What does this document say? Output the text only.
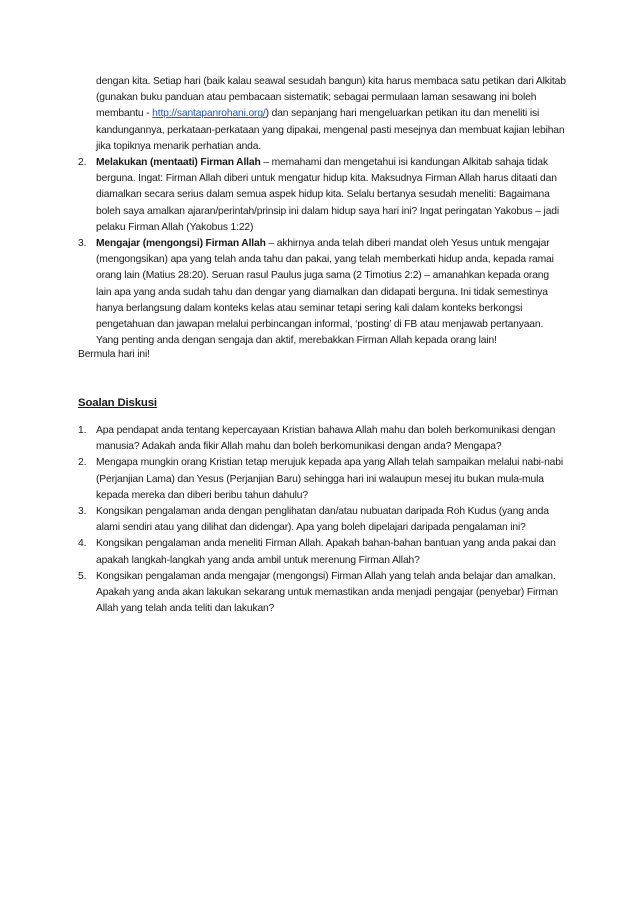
dengan kita. Setiap hari (baik kalau seawal sesudah bangun) kita harus membaca satu petikan dari Alkitab (gunakan buku panduan atau pembacaan sistematik; sebagai permulaan laman sesawang ini boleh membantu - http://santapanrohani.org/) dan sepanjang hari mengeluarkan petikan itu dan meneliti isi kandungannya, perkataan-perkataan yang dipakai, mengenal pasti mesejnya dan membuat kajian lebihan jika topiknya menarik perhatian anda.

2. Melakukan (mentaati) Firman Allah – memahami dan mengetahui isi kandungan Alkitab sahaja tidak berguna. Ingat: Firman Allah diberi untuk mengatur hidup kita. Maksudnya Firman Allah harus ditaati dan diamalkan secara serius dalam semua aspek hidup kita. Selalu bertanya sesudah meneliti: Bagaimana boleh saya amalkan ajaran/perintah/prinsip ini dalam hidup saya hari ini? Ingat peringatan Yakobus – jadi pelaku Firman Allah (Yakobus 1:22)
3. Mengajar (mengongsi) Firman Allah – akhirnya anda telah diberi mandat oleh Yesus untuk mengajar (mengongsikan) apa yang telah anda tahu dan pakai, yang telah memberkati hidup anda, kepada ramai orang lain (Matius 28:20). Seruan rasul Paulus juga sama (2 Timotius 2:2) – amanahkan kepada orang lain apa yang anda sudah tahu dan dengar yang diamalkan dan didapati berguna. Ini tidak semestinya hanya berlangsung dalam konteks kelas atau seminar tetapi sering kali dalam konteks berkongsi pengetahuan dan jawapan melalui perbincangan informal, ‘posting’ di FB atau menjawab pertanyaan. Yang penting anda dengan sengaja dan aktif, merebakkan Firman Allah kepada orang lain!

Bermula hari ini!

Soalan Diskusi
1. Apa pendapat anda tentang kepercayaan Kristian bahawa Allah mahu dan boleh berkomunikasi dengan manusia? Adakah anda fikir Allah mahu dan boleh berkomunikasi dengan anda? Mengapa?
2. Mengapa mungkin orang Kristian tetap merujuk kepada apa yang Allah telah sampaikan melalui nabi-nabi (Perjanjian Lama) dan Yesus (Perjanjian Baru) sehingga hari ini walaupun mesej itu bukan mula-mula kepada mereka dan diberi beribu tahun dahulu?
3. Kongsikan pengalaman anda dengan penglihatan dan/atau nubuatan daripada Roh Kudus (yang anda alami sendiri atau yang dilihat dan didengar). Apa yang boleh dipelajari daripada pengalaman ini?
4. Kongsikan pengalaman anda meneliti Firman Allah. Apakah bahan-bahan bantuan yang anda pakai dan apakah langkah-langkah yang anda ambil untuk merenung Firman Allah?
5. Kongsikan pengalaman anda mengajar (mengongsi) Firman Allah yang telah anda belajar dan amalkan. Apakah yang anda akan lakukan sekarang untuk memastikan anda menjadi pengajar (penyebar) Firman Allah yang telah anda teliti dan lakukan?
